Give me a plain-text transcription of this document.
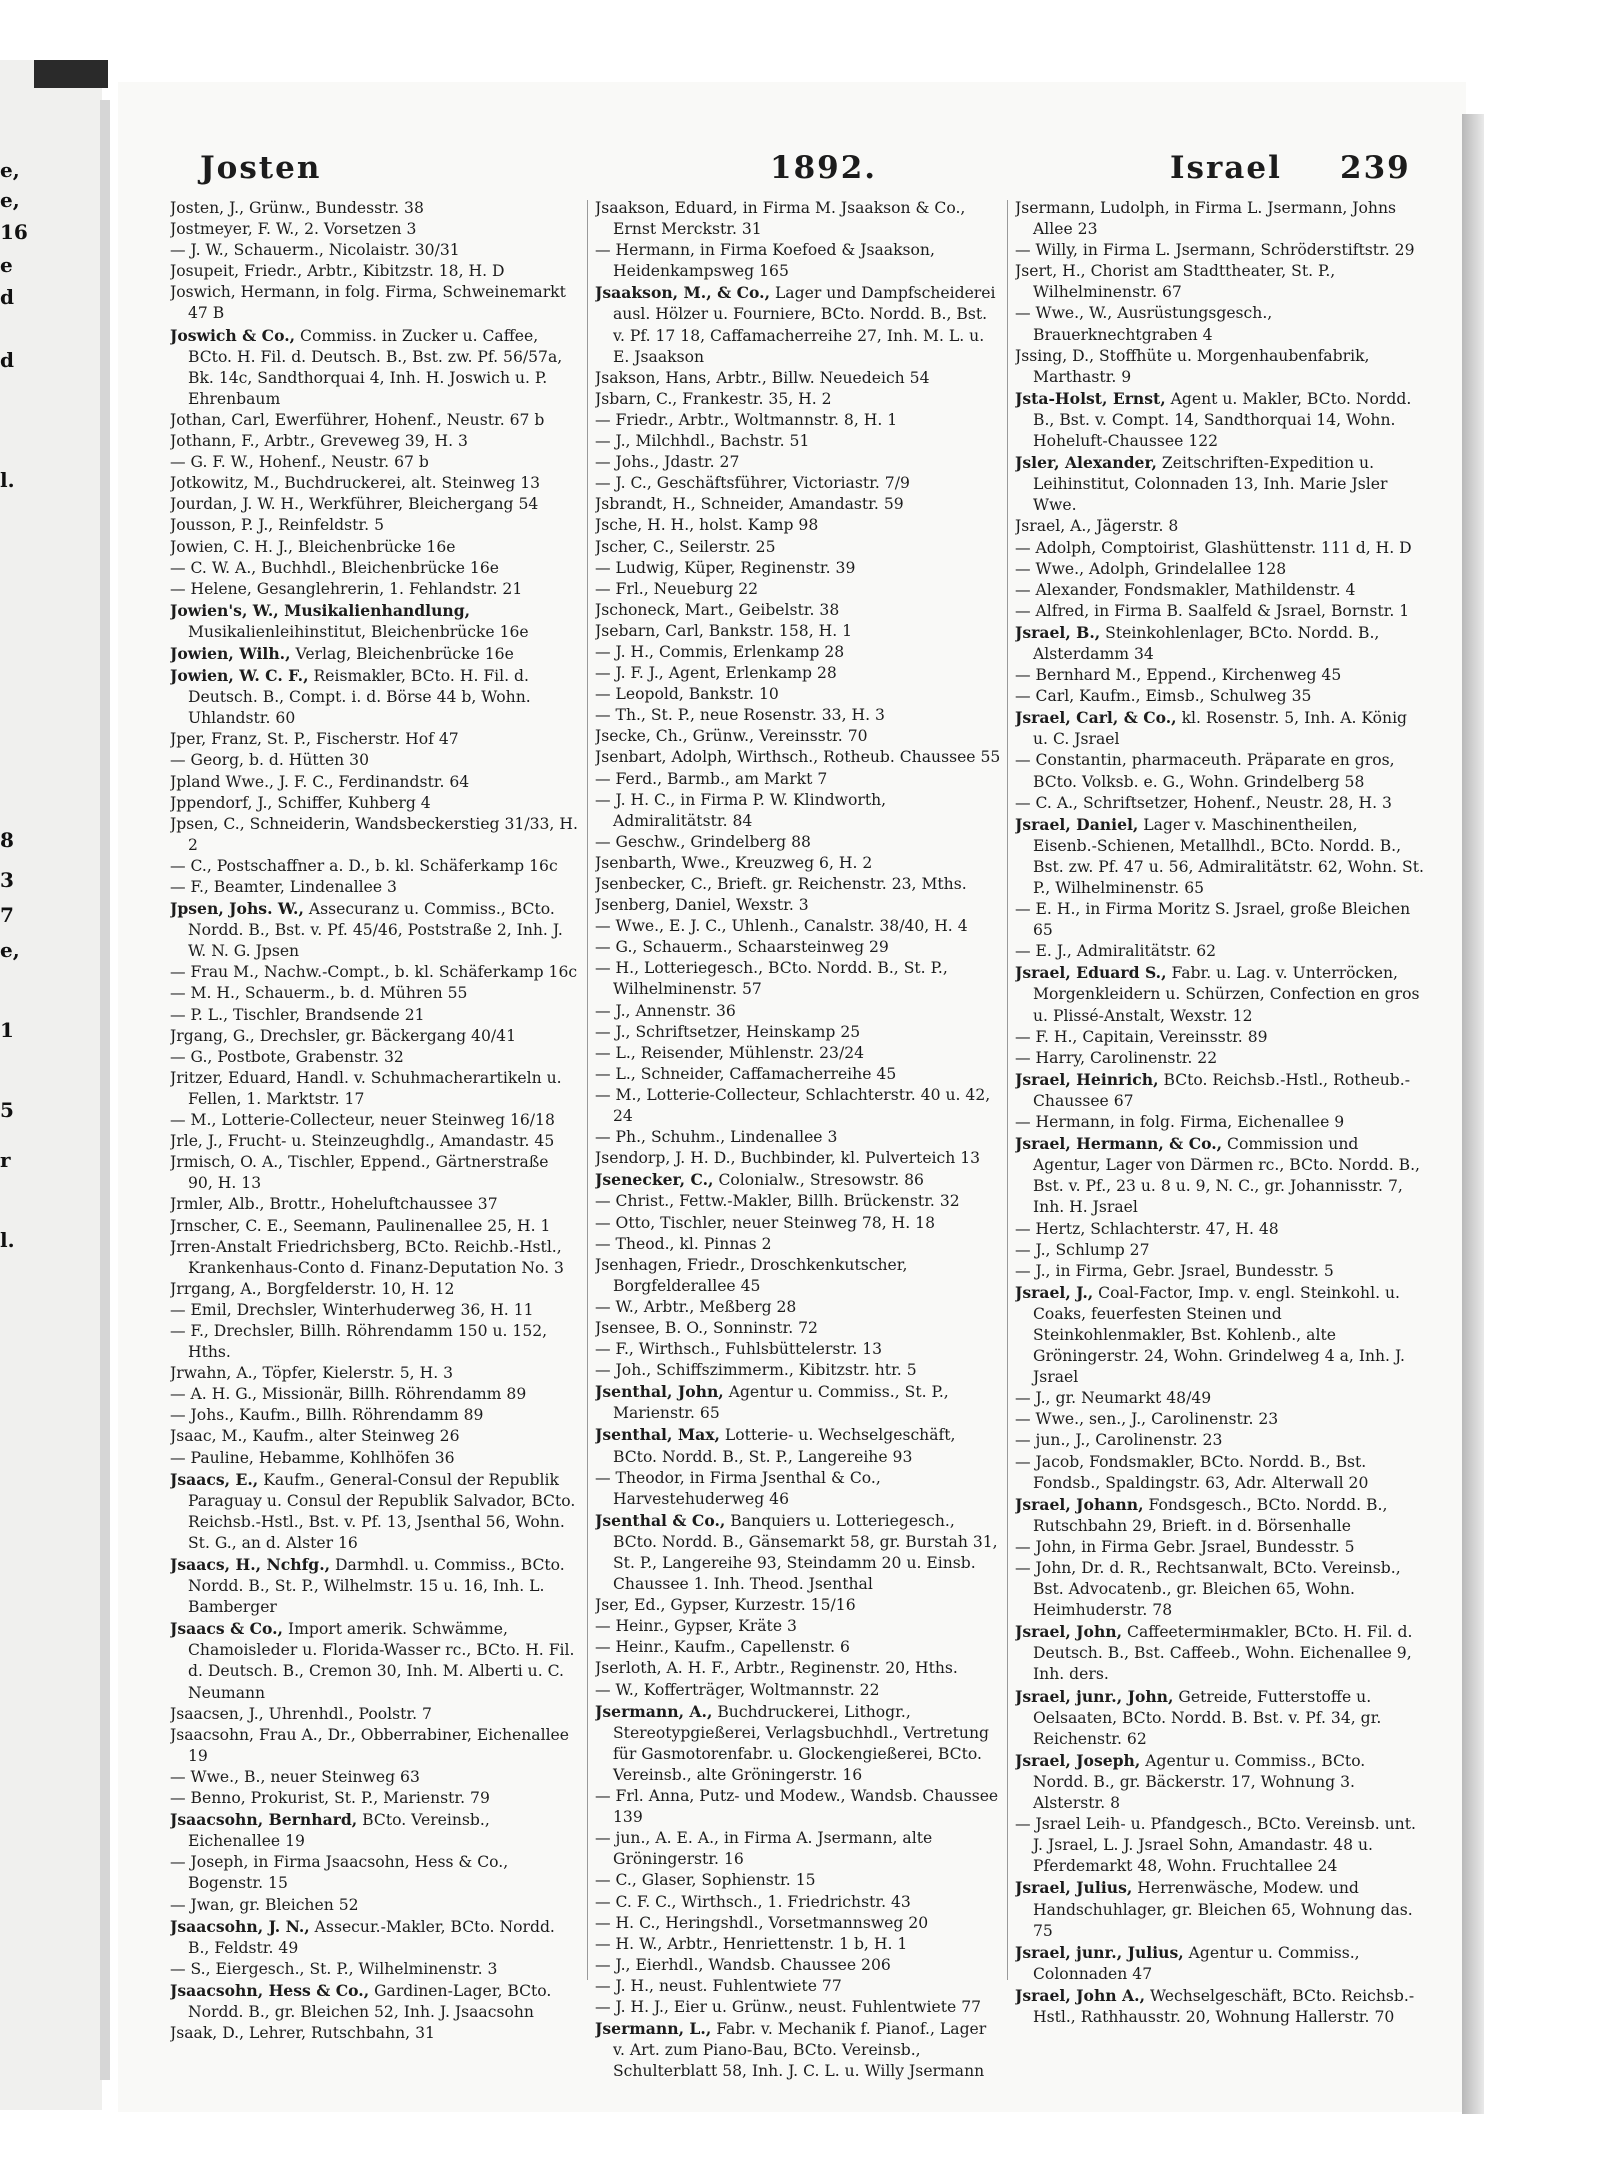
e,
e,
16
e
d
d
l.
8
3
7
e,
1
5
r
l.
Josten	1892.	Israel 239
Josten, J., Grünw., Bundesstr. 38
Jostmeyer, F. W., 2. Vorsetzen 3
— J. W., Schauerm., Nicolaistr. 30/31
Josupeit, Friedr., Arbtr., Kibitzstr. 18, H. D
Joswich, Hermann, in folg. Firma, Schweinemarkt 47 B
Joswich & Co., Commiss. in Zucker u. Caffee, BCto. H. Fil. d. Deutsch. B., Bst. zw. Pf. 56/57a, Bk. 14c, Sandthorquai 4, Inh. H. Joswich u. P. Ehrenbaum
Jothan, Carl, Ewerführer, Hohenf., Neustr. 67 b
Jothann, F., Arbtr., Greveweg 39, H. 3
— G. F. W., Hohenf., Neustr. 67 b
Jotkowitz, M., Buchdruckerei, alt. Steinweg 13
Jourdan, J. W. H., Werkführer, Bleichergang 54
Jousson, P. J., Reinfeldstr. 5
Jowien, C. H. J., Bleichenbrücke 16e
— C. W. A., Buchhdl., Bleichenbrücke 16e
— Helene, Gesanglehrerin, 1. Fehlandstr. 21
Jowien's, W., Musikalienhandlung, Musikalienleihinstitut, Bleichenbrücke 16e
Jowien, Wilh., Verlag, Bleichenbrücke 16e
Jowien, W. C. F., Reismakler, BCto. H. Fil. d. Deutsch. B., Compt. i. d. Börse 44 b, Wohn. Uhlandstr. 60
Jper, Franz, St. P., Fischerstr. Hof 47
— Georg, b. d. Hütten 30
Jpland Wwe., J. F. C., Ferdinandstr. 64
Jppendorf, J., Schiffer, Kuhberg 4
Jpsen, C., Schneiderin, Wandsbeckerstieg 31/33, H. 2
— C., Postschaffner a. D., b. kl. Schäferkamp 16c
— F., Beamter, Lindenallee 3
Jpsen, Johs. W., Assecuranz u. Commiss., BCto. Nordd. B., Bst. v. Pf. 45/46, Poststraße 2, Inh. J. W. N. G. Jpsen
— Frau M., Nachw.-Compt., b. kl. Schäferkamp 16c
— M. H., Schauerm., b. d. Mühren 55
— P. L., Tischler, Brandsende 21
Jrgang, G., Drechsler, gr. Bäckergang 40/41
— G., Postbote, Grabenstr. 32
Jritzer, Eduard, Handl. v. Schuhmacherartikeln u. Fellen, 1. Marktstr. 17
— M., Lotterie-Collecteur, neuer Steinweg 16/18
Jrle, J., Frucht- u. Steinzeughdlg., Amandastr. 45
Jrmisch, O. A., Tischler, Eppend., Gärtnerstraße 90, H. 13
Jrmler, Alb., Brottr., Hoheluftchaussee 37
Jrnscher, C. E., Seemann, Paulinenallee 25, H. 1
Jrren-Anstalt Friedrichsberg, BCto. Reichb.-Hstl., Krankenhaus-Conto d. Finanz-Deputation No. 3
Jrrgang, A., Borgfelderstr. 10, H. 12
— Emil, Drechsler, Winterhuderweg 36, H. 11
— F., Drechsler, Billh. Röhrendamm 150 u. 152, Hths.
Jrwahn, A., Töpfer, Kielerstr. 5, H. 3
— A. H. G., Missionär, Billh. Röhrendamm 89
— Johs., Kaufm., Billh. Röhrendamm 89
Jsaac, M., Kaufm., alter Steinweg 26
— Pauline, Hebamme, Kohlhöfen 36
Jsaacs, E., Kaufm., General-Consul der Republik Paraguay u. Consul der Republik Salvador, BCto. Reichsb.-Hstl., Bst. v. Pf. 13, Jsenthal 56, Wohn. St. G., an d. Alster 16
Jsaacs, H., Nchfg., Darmhdl. u. Commiss., BCto. Nordd. B., St. P., Wilhelmstr. 15 u. 16, Inh. L. Bamberger
Jsaacs & Co., Import amerik. Schwämme, Chamoisleder u. Florida-Wasser rc., BCto. H. Fil. d. Deutsch. B., Cremon 30, Inh. M. Alberti u. C. Neumann
Jsaacsen, J., Uhrenhdl., Poolstr. 7
Jsaacsohn, Frau A., Dr., Obberrabiner, Eichenallee 19
— Wwe., B., neuer Steinweg 63
— Benno, Prokurist, St. P., Marienstr. 79
Jsaacsohn, Bernhard, BCto. Vereinsb., Eichenallee 19
— Joseph, in Firma Jsaacsohn, Hess & Co., Bogenstr. 15
— Jwan, gr. Bleichen 52
Jsaacsohn, J. N., Assecur.-Makler, BCto. Nordd. B., Feldstr. 49
— S., Eiergesch., St. P., Wilhelminenstr. 3
Jsaacsohn, Hess & Co., Gardinen-Lager, BCto. Nordd. B., gr. Bleichen 52, Inh. J. Jsaacsohn
Jsaak, D., Lehrer, Rutschbahn, 31
Jsaakson, Eduard, in Firma M. Jsaakson & Co., Ernst Merckstr. 31
— Hermann, in Firma Koefoed & Jsaakson, Heidenkampsweg 165
Jsaakson, M., & Co., Lager und Dampfscheiderei ausl. Hölzer u. Fourniere, BCto. Nordd. B., Bst. v. Pf. 17 18, Caffamacherreihe 27, Inh. M. L. u. E. Jsaakson
Jsakson, Hans, Arbtr., Billw. Neuedeich 54
Jsbarn, C., Frankestr. 35, H. 2
— Friedr., Arbtr., Woltmannstr. 8, H. 1
— J., Milchhdl., Bachstr. 51
— Johs., Jdastr. 27
— J. C., Geschäftsführer, Victoriastr. 7/9
Jsbrandt, H., Schneider, Amandastr. 59
Jsche, H. H., holst. Kamp 98
Jscher, C., Seilerstr. 25
— Ludwig, Küper, Reginenstr. 39
— Frl., Neueburg 22
Jschoneck, Mart., Geibelstr. 38
Jsebarn, Carl, Bankstr. 158, H. 1
— J. H., Commis, Erlenkamp 28
— J. F. J., Agent, Erlenkamp 28
— Leopold, Bankstr. 10
— Th., St. P., neue Rosenstr. 33, H. 3
Jsecke, Ch., Grünw., Vereinsstr. 70
Jsenbart, Adolph, Wirthsch., Rotheub. Chaussee 55
— Ferd., Barmb., am Markt 7
— J. H. C., in Firma P. W. Klindworth, Admiralitätstr. 84
— Geschw., Grindelberg 88
Jsenbarth, Wwe., Kreuzweg 6, H. 2
Jsenbecker, C., Brieft. gr. Reichenstr. 23, Mths.
Jsenberg, Daniel, Wexstr. 3
— Wwe., E. J. C., Uhlenh., Canalstr. 38/40, H. 4
— G., Schauerm., Schaarsteinweg 29
— H., Lotteriegesch., BCto. Nordd. B., St. P., Wilhelminenstr. 57
— J., Annenstr. 36
— J., Schriftsetzer, Heinskamp 25
— L., Reisender, Mühlenstr. 23/24
— L., Schneider, Caffamacherreihe 45
— M., Lotterie-Collecteur, Schlachterstr. 40 u. 42, 24
— Ph., Schuhm., Lindenallee 3
Jsendorp, J. H. D., Buchbinder, kl. Pulverteich 13
Jsenecker, C., Colonialw., Stresowstr. 86
— Christ., Fettw.-Makler, Billh. Brückenstr. 32
— Otto, Tischler, neuer Steinweg 78, H. 18
— Theod., kl. Pinnas 2
Jsenhagen, Friedr., Droschkenkutscher, Borgfelderallee 45
— W., Arbtr., Meßberg 28
Jsensee, B. O., Sonninstr. 72
— F., Wirthsch., Fuhlsbüttelerstr. 13
— Joh., Schiffszimmerm., Kibitzstr. htr. 5
Jsenthal, John, Agentur u. Commiss., St. P., Marienstr. 65
Jsenthal, Max, Lotterie- u. Wechselgeschäft, BCto. Nordd. B., St. P., Langereihe 93
— Theodor, in Firma Jsenthal & Co., Harvestehuderweg 46
Jsenthal & Co., Banquiers u. Lotteriegesch., BCto. Nordd. B., Gänsemarkt 58, gr. Burstah 31, St. P., Langereihe 93, Steindamm 20 u. Einsb. Chaussee 1. Inh. Theod. Jsenthal
Jser, Ed., Gypser, Kurzestr. 15/16
— Heinr., Gypser, Kräte 3
— Heinr., Kaufm., Capellenstr. 6
Jserloth, A. H. F., Arbtr., Reginenstr. 20, Hths.
— W., Kofferträger, Woltmannstr. 22
Jsermann, A., Buchdruckerei, Lithogr., Stereotypgießerei, Verlagsbuchhdl., Vertretung für Gasmotorenfabr. u. Glockengießerei, BCto. Vereinsb., alte Gröningerstr. 16
— Frl. Anna, Putz- und Modew., Wandsb. Chaussee 139
— jun., A. E. A., in Firma A. Jsermann, alte Gröningerstr. 16
— C., Glaser, Sophienstr. 15
— C. F. C., Wirthsch., 1. Friedrichstr. 43
— H. C., Heringshdl., Vorsetmannsweg 20
— H. W., Arbtr., Henriettenstr. 1 b, H. 1
— J., Eierhdl., Wandsb. Chaussee 206
— J. H., neust. Fuhlentwiete 77
— J. H. J., Eier u. Grünw., neust. Fuhlentwiete 77
Jsermann, L., Fabr. v. Mechanik f. Pianof., Lager v. Art. zum Piano-Bau, BCto. Vereinsb., Schulterblatt 58, Inh. J. C. L. u. Willy Jsermann
Jsermann, Ludolph, in Firma L. Jsermann, Johns Allee 23
— Willy, in Firma L. Jsermann, Schröderstiftstr. 29
Jsert, H., Chorist am Stadttheater, St. P., Wilhelminenstr. 67
— Wwe., W., Ausrüstungsgesch., Brauerknechtgraben 4
Jssing, D., Stoffhüte u. Morgenhaubenfabrik, Marthastr. 9
Jsta-Holst, Ernst, Agent u. Makler, BCto. Nordd. B., Bst. v. Compt. 14, Sandthorquai 14, Wohn. Hoheluft-Chaussee 122
Jsler, Alexander, Zeitschriften-Expedition u. Leihinstitut, Colonnaden 13, Inh. Marie Jsler Wwe.
Jsrael, A., Jägerstr. 8
— Adolph, Comptoirist, Glashüttenstr. 111 d, H. D
— Wwe., Adolph, Grindelallee 128
— Alexander, Fondsmakler, Mathildenstr. 4
— Alfred, in Firma B. Saalfeld & Jsrael, Bornstr. 1
Jsrael, B., Steinkohlenlager, BCto. Nordd. B., Alsterdamm 34
— Bernhard M., Eppend., Kirchenweg 45
— Carl, Kaufm., Eimsb., Schulweg 35
Jsrael, Carl, & Co., kl. Rosenstr. 5, Inh. A. König u. C. Jsrael
— Constantin, pharmaceuth. Präparate en gros, BCto. Volksb. e. G., Wohn. Grindelberg 58
— C. A., Schriftsetzer, Hohenf., Neustr. 28, H. 3
Jsrael, Daniel, Lager v. Maschinentheilen, Eisenb.-Schienen, Metallhdl., BCto. Nordd. B., Bst. zw. Pf. 47 u. 56, Admiralitätstr. 62, Wohn. St. P., Wilhelminenstr. 65
— E. H., in Firma Moritz S. Jsrael, große Bleichen 65
— E. J., Admiralitätstr. 62
Jsrael, Eduard S., Fabr. u. Lag. v. Unterröcken, Morgenkleidern u. Schürzen, Confection en gros u. Plissé-Anstalt, Wexstr. 12
— F. H., Capitain, Vereinsstr. 89
— Harry, Carolinenstr. 22
Jsrael, Heinrich, BCto. Reichsb.-Hstl., Rotheub.-Chaussee 67
— Hermann, in folg. Firma, Eichenallee 9
Jsrael, Hermann, & Co., Commission und Agentur, Lager von Därmen rc., BCto. Nordd. B., Bst. v. Pf., 23 u. 8 u. 9, N. C., gr. Johannisstr. 7, Inh. H. Jsrael
— Hertz, Schlachterstr. 47, H. 48
— J., Schlump 27
— J., in Firma, Gebr. Jsrael, Bundesstr. 5
Jsrael, J., Coal-Factor, Imp. v. engl. Steinkohl. u. Coaks, feuerfesten Steinen und Steinkohlenmakler, Bst. Kohlenb., alte Gröningerstr. 24, Wohn. Grindelweg 4 a, Inh. J. Jsrael
— J., gr. Neumarkt 48/49
— Wwe., sen., J., Carolinenstr. 23
— jun., J., Carolinenstr. 23
— Jacob, Fondsmakler, BCto. Nordd. B., Bst. Fondsb., Spaldingstr. 63, Adr. Alterwall 20
Jsrael, Johann, Fondsgesch., BCto. Nordd. B., Rutschbahn 29, Brieft. in d. Börsenhalle
— John, in Firma Gebr. Jsrael, Bundesstr. 5
— John, Dr. d. R., Rechtsanwalt, BCto. Vereinsb., Bst. Advocatenb., gr. Bleichen 65, Wohn. Heimhuderstr. 78
Jsrael, John, Caffeetermінmakler, BCto. H. Fil. d. Deutsch. B., Bst. Caffeeb., Wohn. Eichenallee 9, Inh. ders.
Jsrael, junr., John, Getreide, Futterstoffe u. Oelsaaten, BCto. Nordd. B. Bst. v. Pf. 34, gr. Reichenstr. 62
Jsrael, Joseph, Agentur u. Commiss., BCto. Nordd. B., gr. Bäckerstr. 17, Wohnung 3. Alsterstr. 8
— Jsrael Leih- u. Pfandgesch., BCto. Vereinsb. unt. J. Jsrael, L. J. Jsrael Sohn, Amandastr. 48 u. Pferdemarkt 48, Wohn. Fruchtallee 24
Jsrael, Julius, Herrenwäsche, Modew. und Handschuhlager, gr. Bleichen 65, Wohnung das. 75
Jsrael, junr., Julius, Agentur u. Commiss., Colonnaden 47
Jsrael, John A., Wechselgeschäft, BCto. Reichsb.-Hstl., Rathhausstr. 20, Wohnung Hallerstr. 70
